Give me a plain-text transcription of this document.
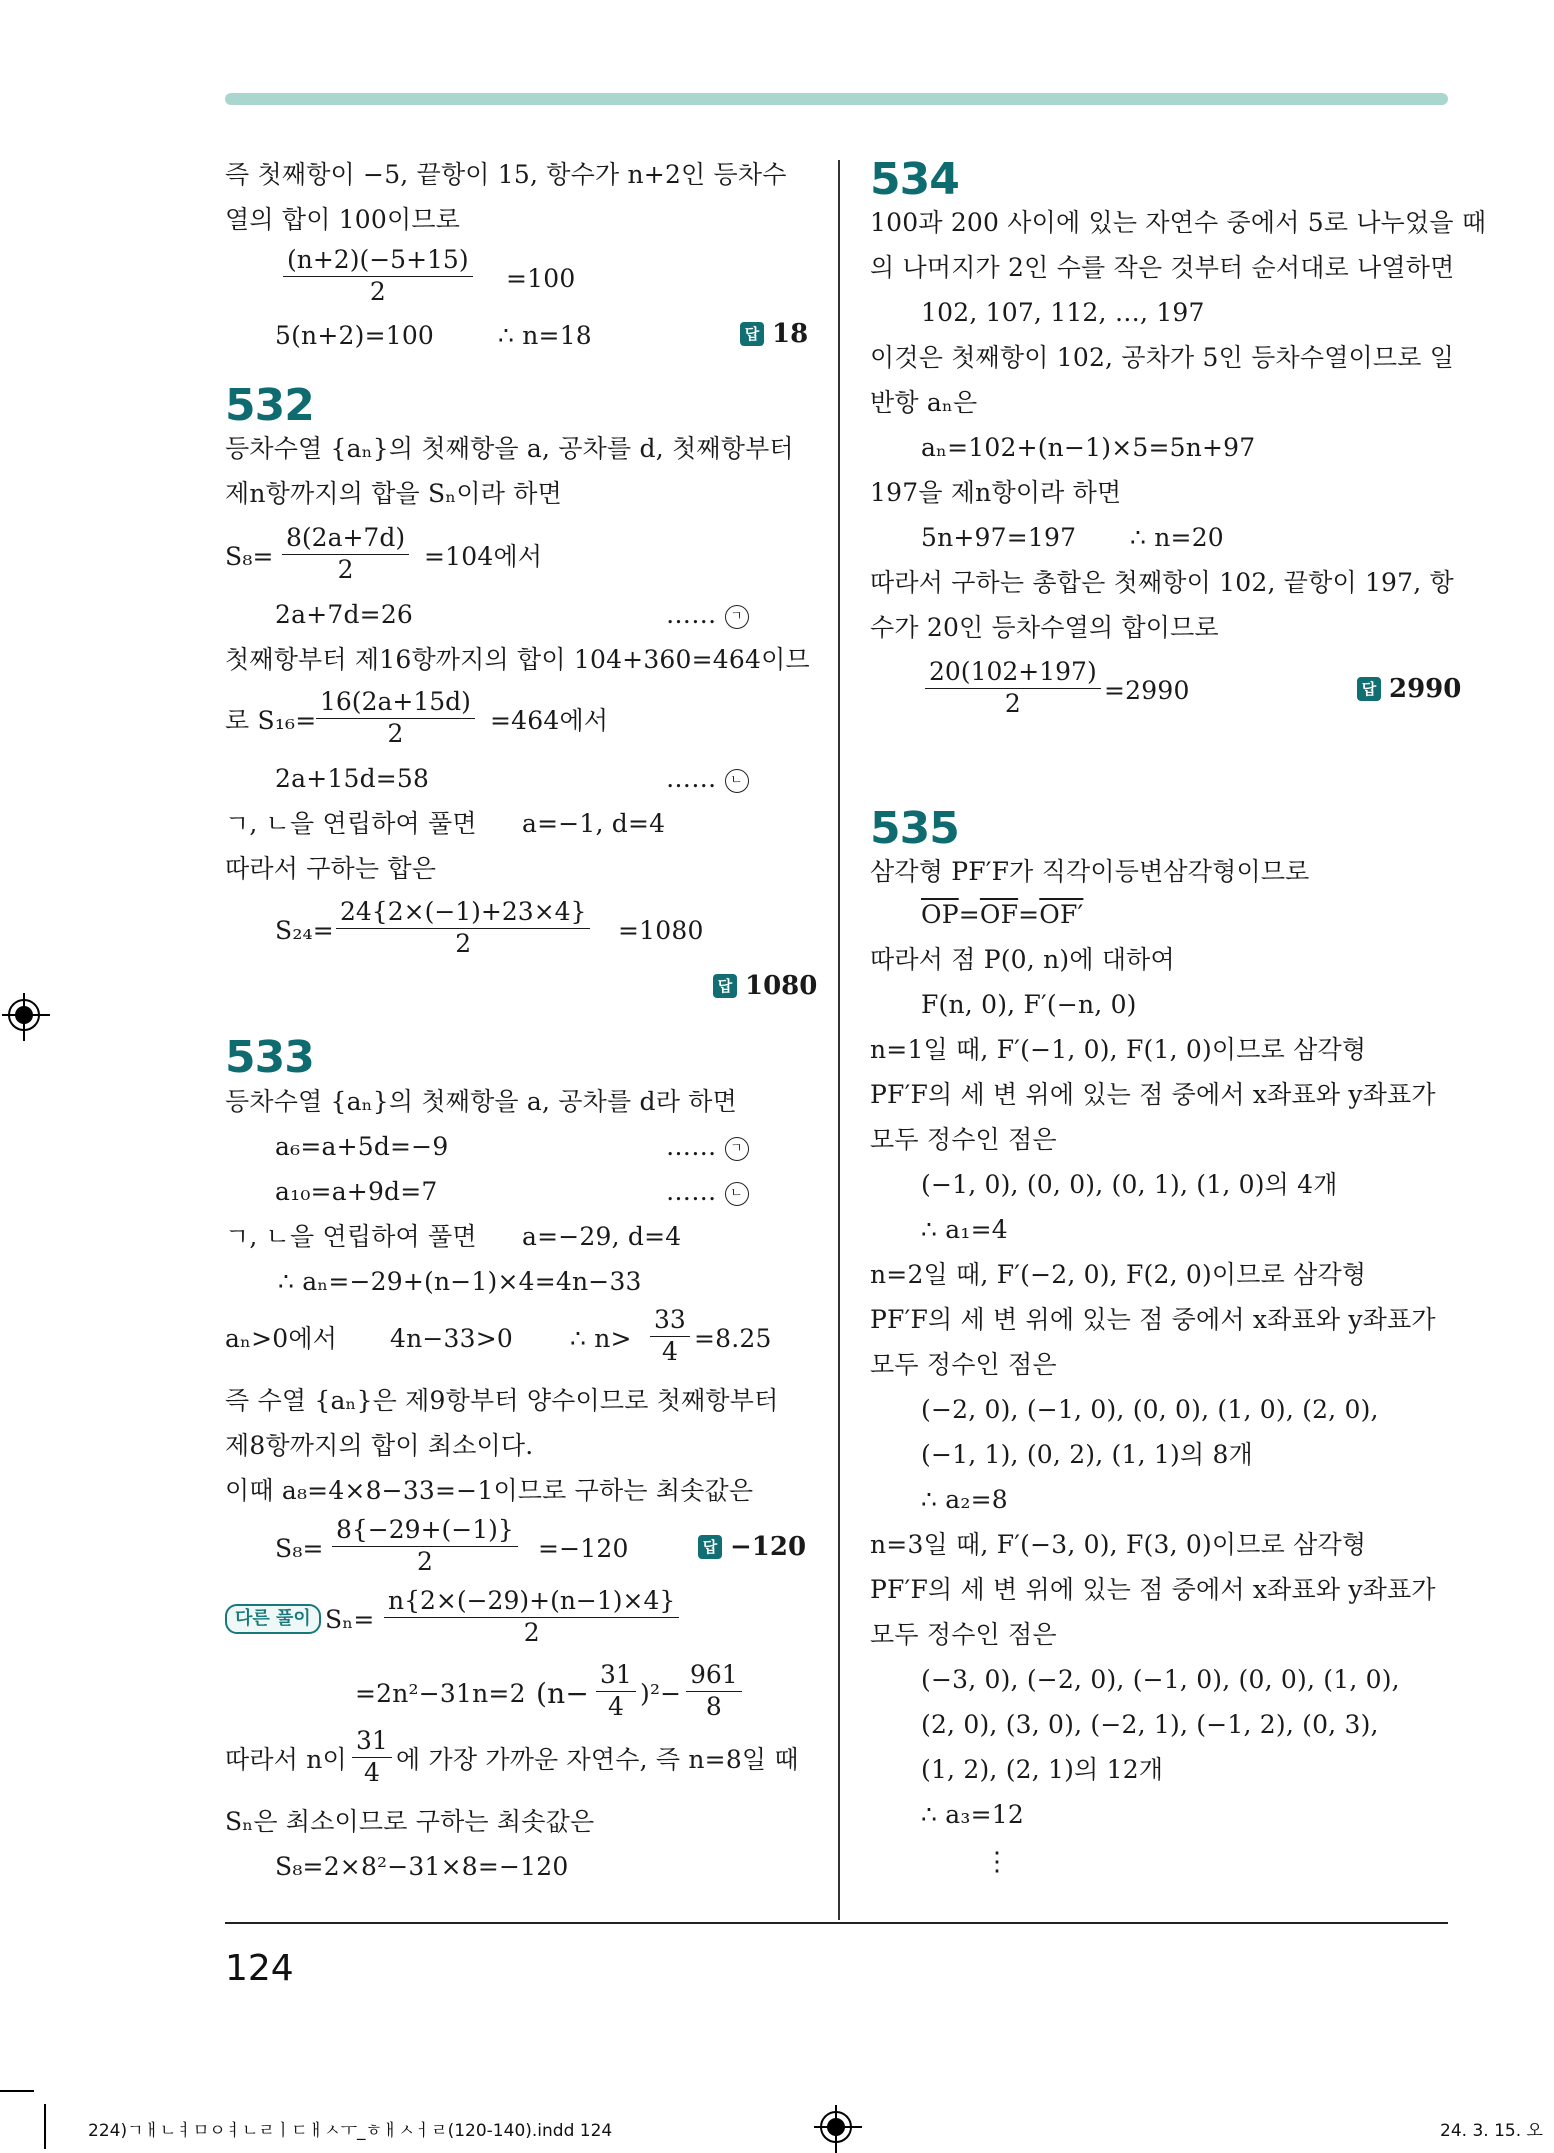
즉 첫째항이 −5, 끝항이 15, 항수가 n+2인 등차수
열의 합이 100이므로
$\frac{(n+2)(-5+15)}{2} =100$
5(n+2)=100	∴ n=18	답 18
532
등차수열 {aₙ}의 첫째항을 a, 공차를 d, 첫째항부터
제n항까지의 합을 Sₙ이라 하면
$S_8= \frac{8(2a+7d)}{2} =104$에서
2a+7d=26	…… ㄱ
첫째항부터 제16항까지의 합이 104+360=464이므
로 $S_{16}= \frac{16(2a+15d)}{2} =464$에서
2a+15d=58	…… ㄴ
ㄱ, ㄴ을 연립하여 풀면 a=−1, d=4
따라서 구하는 합은
$S_{24}= \frac{24\{2\times(-1)+23\times 4\}}{2} =1080$
답 1080
533
등차수열 {aₙ}의 첫째항을 a, 공차를 d라 하면
a₆=a+5d=−9	…… ㄱ
a₁₀=a+9d=7	…… ㄴ
ㄱ, ㄴ을 연립하여 풀면 a=−29, d=4
∴ aₙ=−29+(n−1)×4=4n−33
aₙ>0에서 4n−33>0 ∴ $n> \frac{33}{4} =8.25$
즉 수열 {aₙ}은 제9항부터 양수이므로 첫째항부터
제8항까지의 합이 최소이다.
이때 a₈=4×8−33=−1이므로 구하는 최솟값은
$S_8= \frac{8\{-29+(-1)\}}{2} =-120$	답 −120
다른 풀이 $S_n= \frac{n\{2\times(-29)+(n-1)\times 4\}}{2}$
=2n²−31n=2 $(n- \frac{31}{4} )^2- \frac{961}{8}$
따라서 n이 $\frac{31}{4}$ 에 가장 가까운 자연수, 즉 n=8일 때
Sₙ은 최소이므로 구하는 최솟값은
S₈=2×8²−31×8=−120
534
100과 200 사이에 있는 자연수 중에서 5로 나누었을 때
의 나머지가 2인 수를 작은 것부터 순서대로 나열하면
102, 107, 112, …, 197
이것은 첫째항이 102, 공차가 5인 등차수열이므로 일
반항 aₙ은
aₙ=102+(n−1)×5=5n+97
197을 제n항이라 하면
5n+97=197 ∴ n=20
따라서 구하는 총합은 첫째항이 102, 끝항이 197, 항
수가 20인 등차수열의 합이므로
$\frac{20(102+197)}{2} =2990$	답 2990
535
삼각형 PF′F가 직각이등변삼각형이므로
$\overline{OP}=\overline{OF}=OF'$
따라서 점 P(0, n)에 대하여
F(n, 0), F′(−n, 0)
n=1일 때, F′(−1, 0), F(1, 0)이므로 삼각형
PF′F의 세 변 위에 있는 점 중에서 x좌표와 y좌표가
모두 정수인 점은
(−1, 0), (0, 0), (0, 1), (1, 0)의 4개
∴ a₁=4
n=2일 때, F′(−2, 0), F(2, 0)이므로 삼각형
PF′F의 세 변 위에 있는 점 중에서 x좌표와 y좌표가
모두 정수인 점은
(−2, 0), (−1, 0), (0, 0), (1, 0), (2, 0),
(−1, 1), (0, 2), (1, 1)의 8개
∴ a₂=8
n=3일 때, F′(−3, 0), F(3, 0)이므로 삼각형
PF′F의 세 변 위에 있는 점 중에서 x좌표와 y좌표가
모두 정수인 점은
(−3, 0), (−2, 0), (−1, 0), (0, 0), (1, 0),
(2, 0), (3, 0), (−2, 1), (−1, 2), (0, 3),
(1, 2), (2, 1)의 12개
∴ a₃=12
⋮
124
224)ㄱㅐㄴㅕㅁㅇㅕㄴㄹㅣㄷㅐㅅㅜ_ㅎㅐㅅㅓㄹ(120-140).indd 124	24. 3. 15. 오
